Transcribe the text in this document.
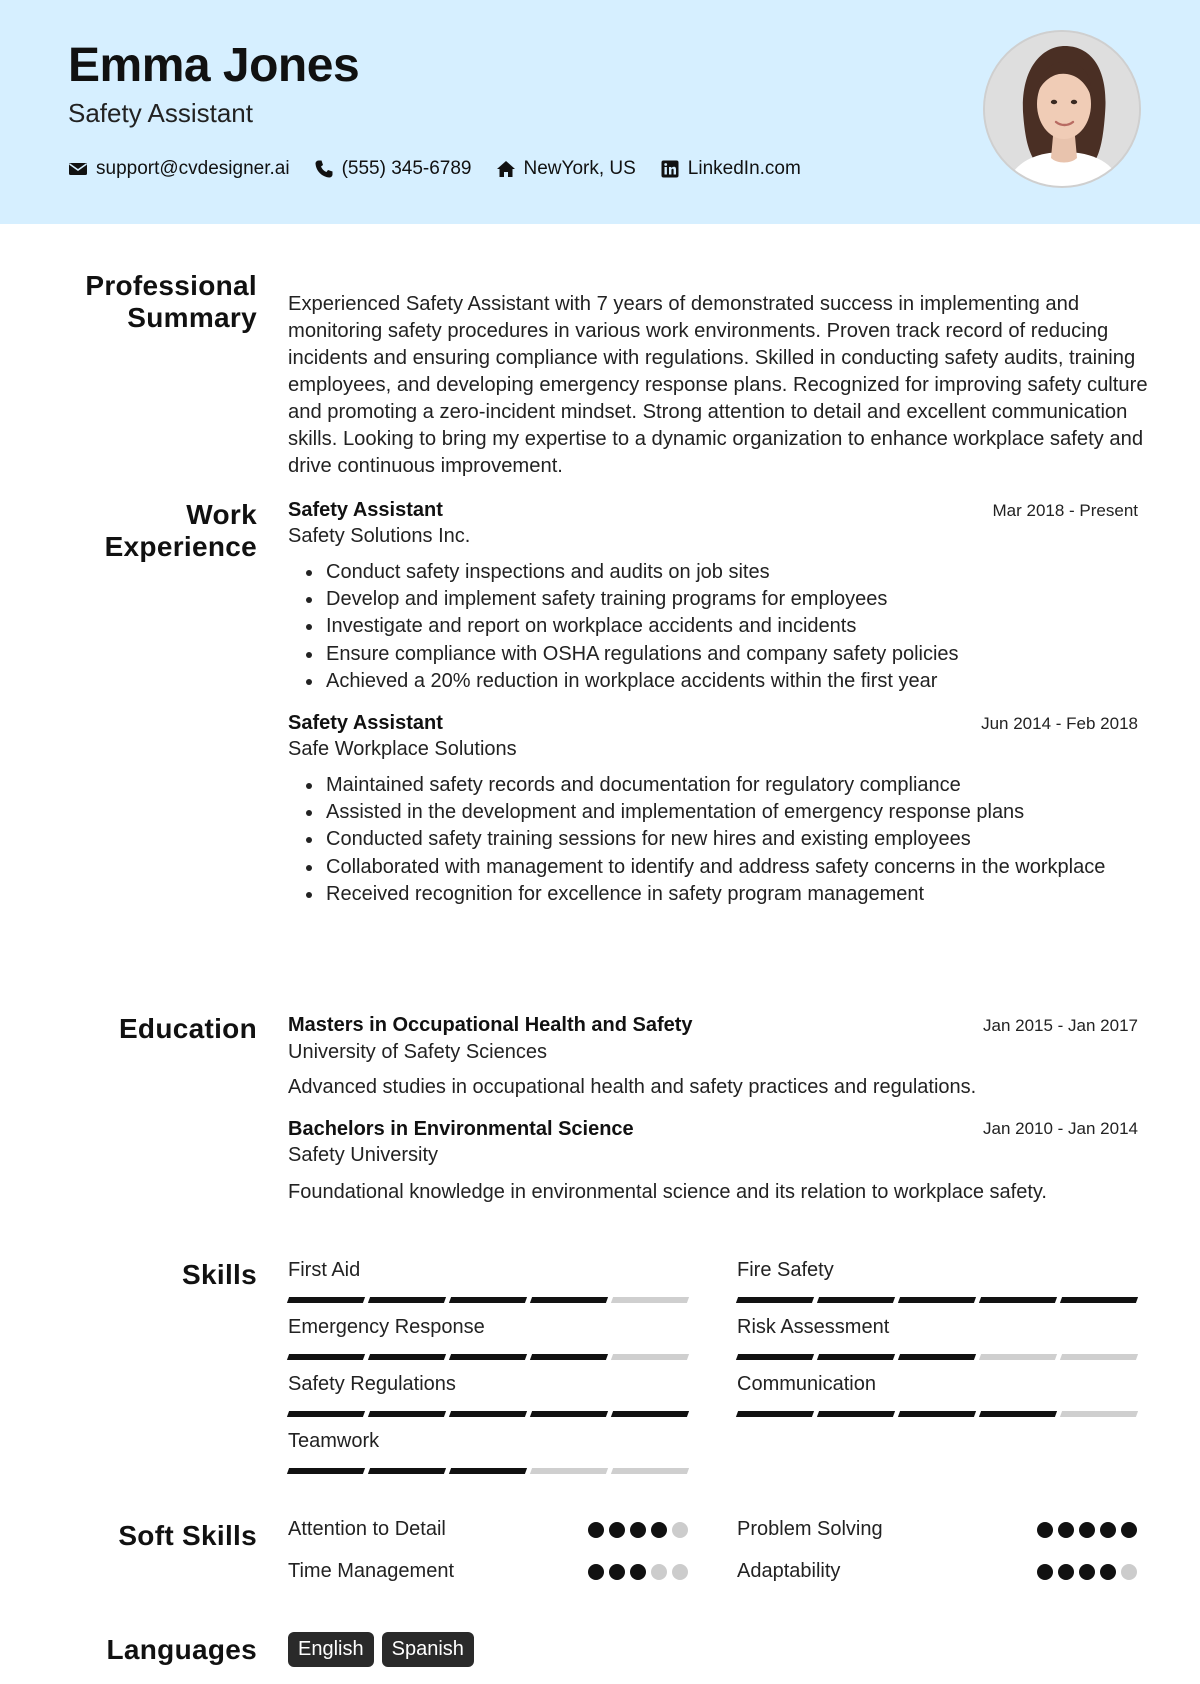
Emma Jones
Safety Assistant
support@cvdesigner.ai	(555) 345-6789	NewYork, US	LinkedIn.com
Professional
Summary Experienced Safety Assistant with 7 years of demonstrated success in implementing and monitoring safety procedures in various work environments. Proven track record of reducing incidents and ensuring compliance with regulations. Skilled in conducting safety audits, training employees, and developing emergency response plans. Recognized for improving safety culture and promoting a zero-incident mindset. Strong attention to detail and excellent communication skills. Looking to bring my expertise to a dynamic organization to enhance workplace safety and drive continuous improvement.
Work
Experience
Safety Assistant	Mar 2018 - Present
Safety Solutions Inc.
Conduct safety inspections and audits on job sites
Develop and implement safety training programs for employees
Investigate and report on workplace accidents and incidents
Ensure compliance with OSHA regulations and company safety policies
Achieved a 20% reduction in workplace accidents within the first year
Safety Assistant	Jun 2014 - Feb 2018
Safe Workplace Solutions
Maintained safety records and documentation for regulatory compliance
Assisted in the development and implementation of emergency response plans
Conducted safety training sessions for new hires and existing employees
Collaborated with management to identify and address safety concerns in the workplace
Received recognition for excellence in safety program management
Education Masters in Occupational Health and Safety	Jan 2015 - Jan 2017
University of Safety Sciences
Advanced studies in occupational health and safety practices and regulations.
Bachelors in Environmental Science	Jan 2010 - Jan 2014
Safety University
Foundational knowledge in environmental science and its relation to workplace safety.
Skills First Aid	Fire Safety
Emergency Response	Risk Assessment
Safety Regulations	Communication
Teamwork
Soft Skills Attention to Detail	Problem Solving
Time Management	Adaptability
Languages	English	Spanish
